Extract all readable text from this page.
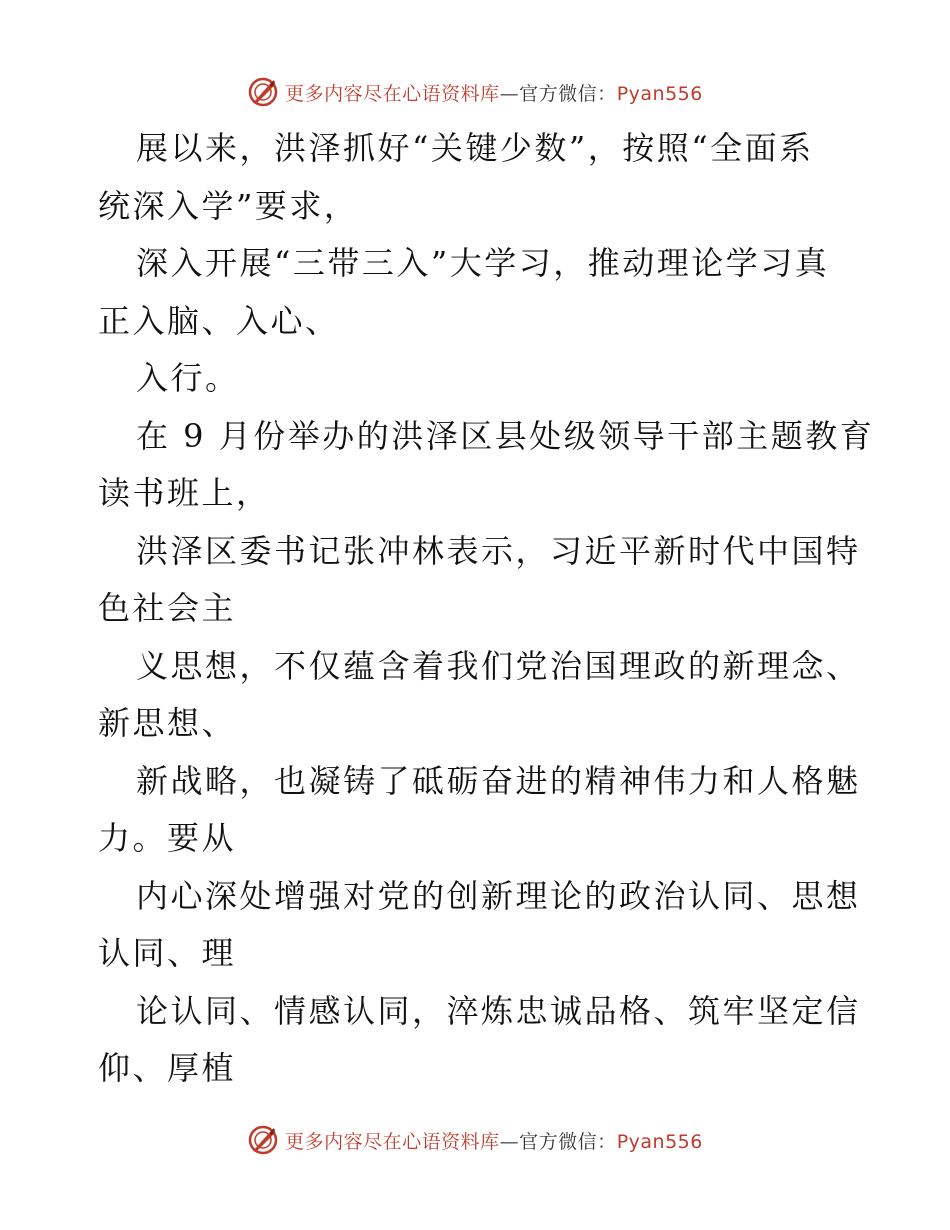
更多内容尽在心语资料库—官方微信：Pyan556
展以来，洪泽抓好“关键少数”，按照“全面系
统深入学”要求，
深入开展“三带三入”大学习，推动理论学习真
正入脑、入心、
入行。
在 9 月份举办的洪泽区县处级领导干部主题教育
读书班上，
洪泽区委书记张冲林表示，习近平新时代中国特
色社会主
义思想，不仅蕴含着我们党治国理政的新理念、
新思想、
新战略，也凝铸了砥砺奋进的精神伟力和人格魅
力。要从
内心深处增强对党的创新理论的政治认同、思想
认同、理
论认同、情感认同，淬炼忠诚品格、筑牢坚定信
仰、厚植
更多内容尽在心语资料库—官方微信：Pyan556
